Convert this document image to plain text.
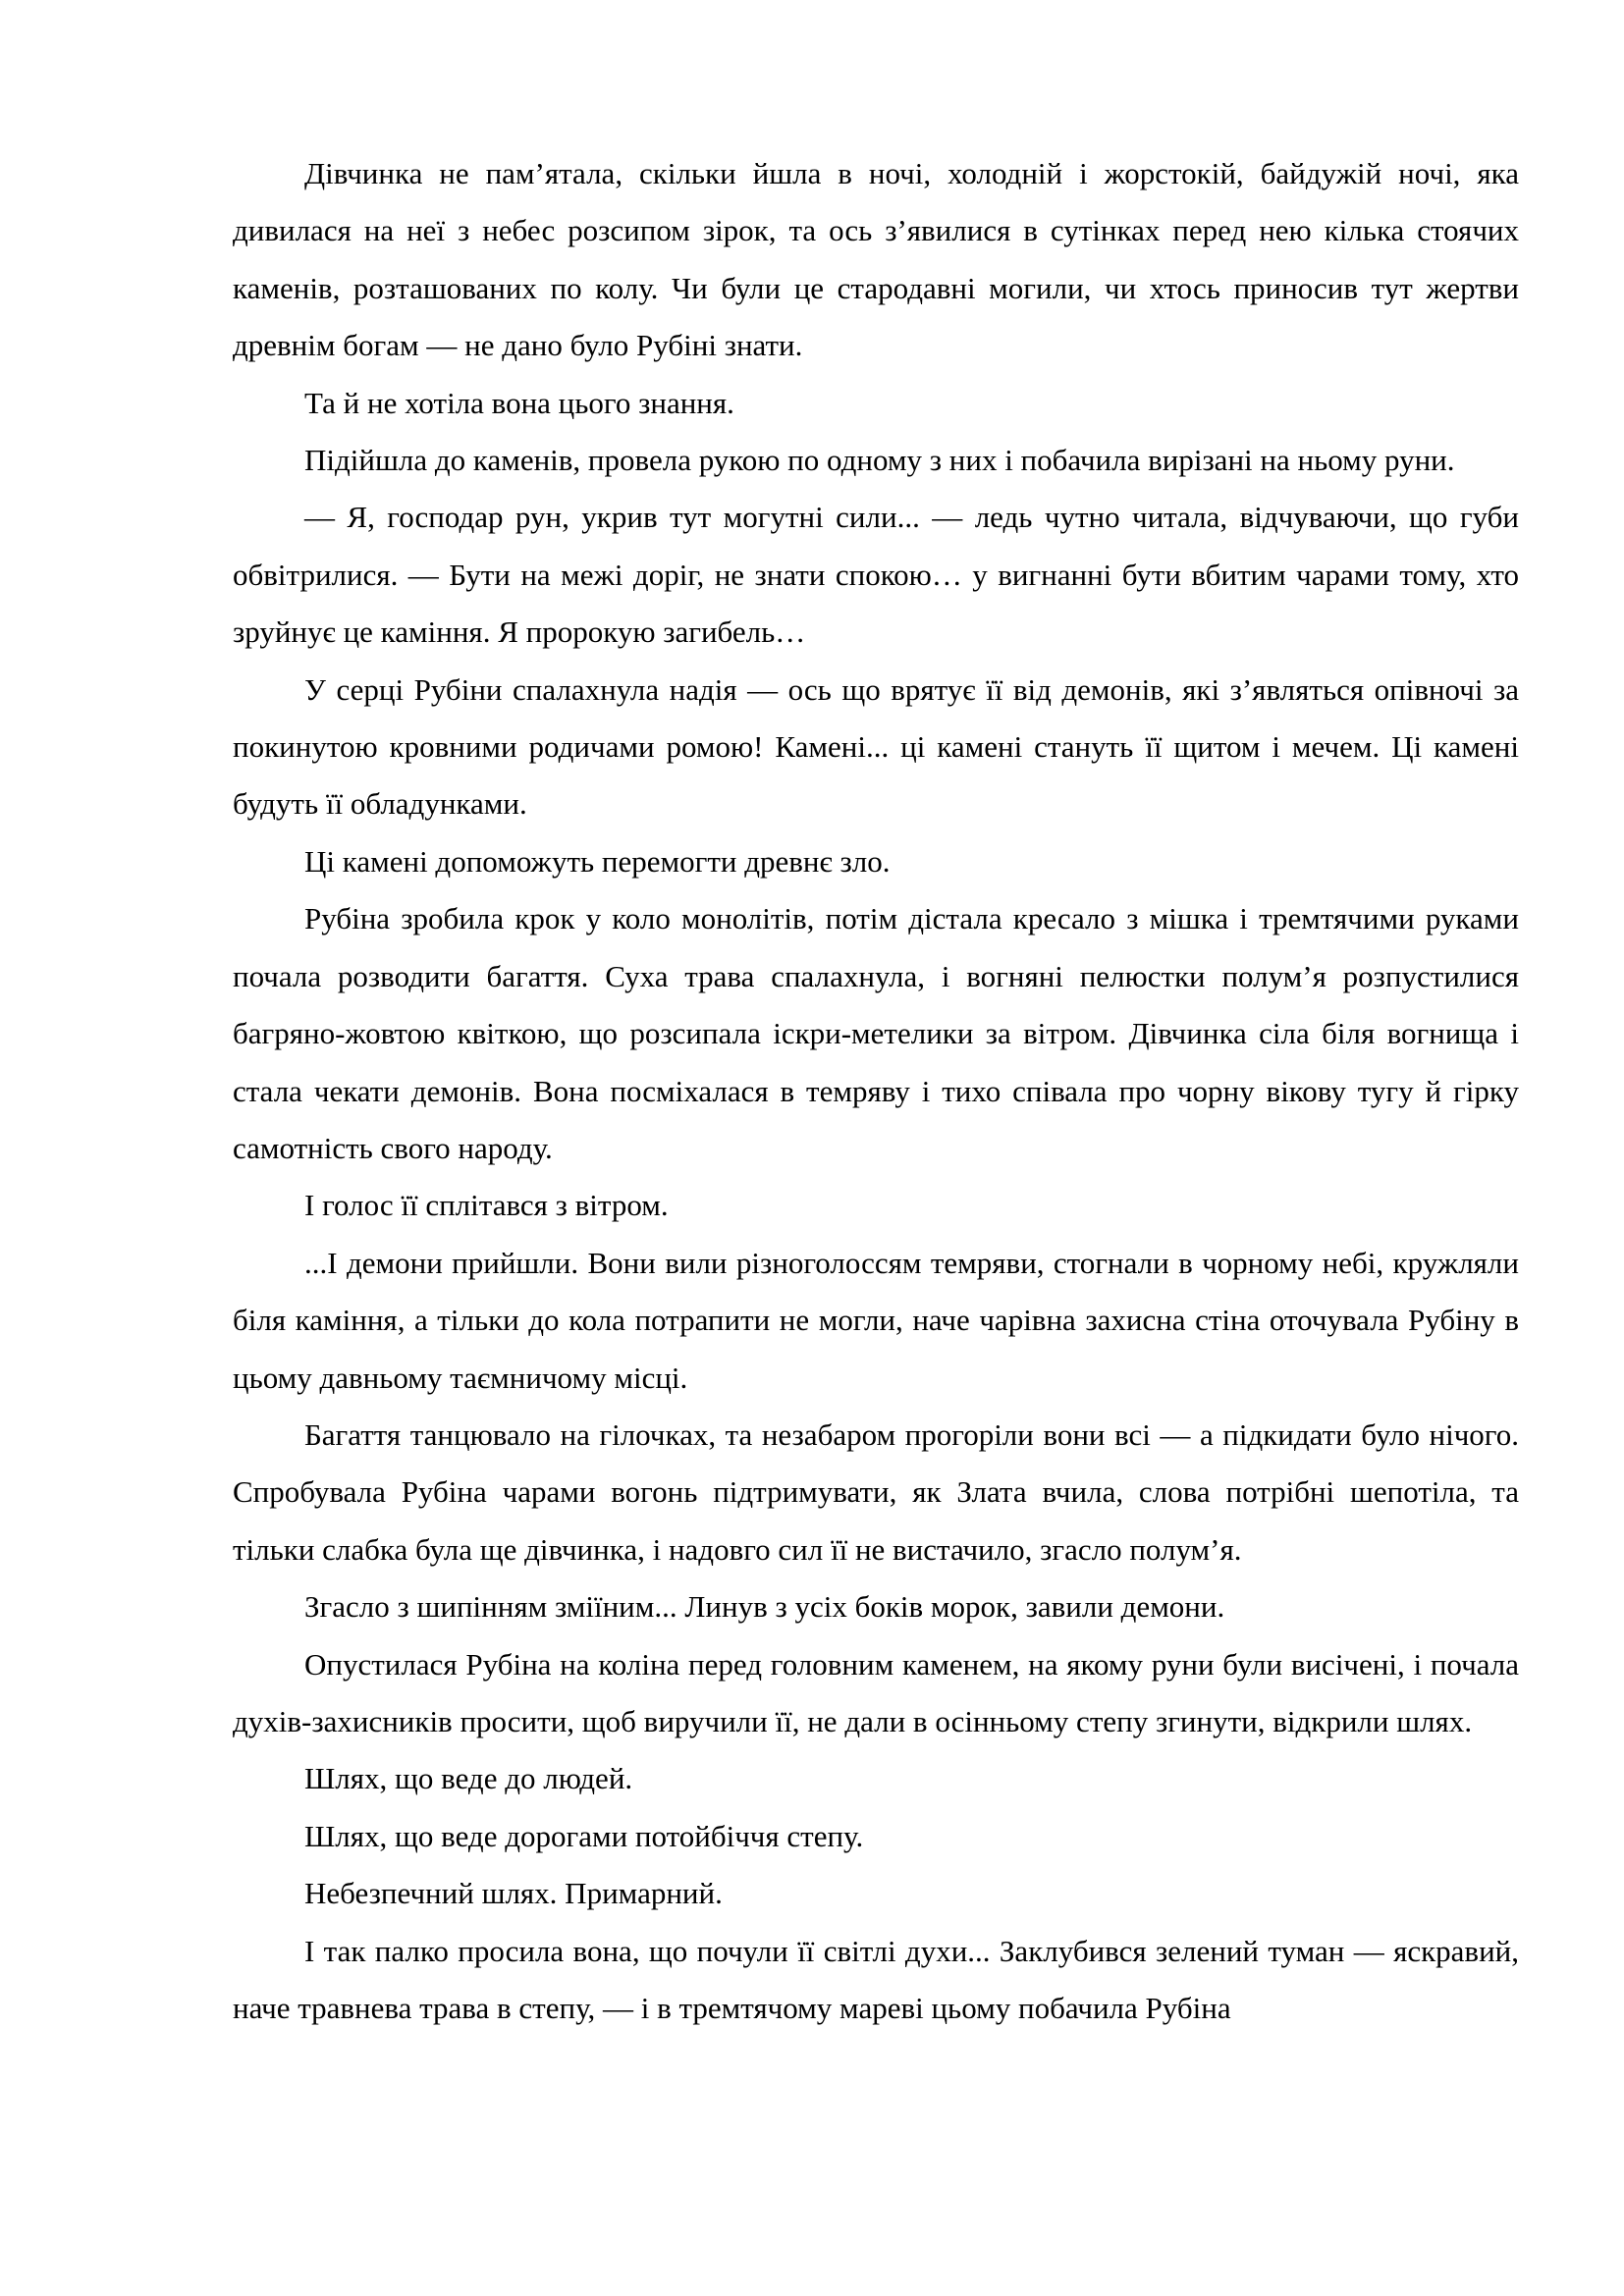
Дівчинка не пам’ятала, скільки йшла в ночі, холодній і жорстокій, байдужій ночі, яка дивилася на неї з небес розсипом зірок, та ось з’явилися в сутінках перед нею кілька стоячих каменів, розташованих по колу. Чи були це стародавні могили, чи хтось приносив тут жертви древнім богам — не дано було Рубіні знати.

Та й не хотіла вона цього знання.

Підійшла до каменів, провела рукою по одному з них і побачила вирізані на ньому руни.

— Я, господар рун, укрив тут могутні сили... — ледь чутно читала, відчуваючи, що губи обвітрилися. — Бути на межі доріг, не знати спокою… у вигнанні бути вбитим чарами тому, хто зруйнує це каміння. Я пророкую загибель…

У серці Рубіни спалахнула надія — ось що врятує її від демонів, які з’являться опівночі за покинутою кровними родичами ромою! Камені... ці камені стануть її щитом і мечем. Ці камені будуть її обладунками.

Ці камені допоможуть перемогти древнє зло.

Рубіна зробила крок у коло монолітів, потім дістала кресало з мішка і тремтячими руками почала розводити багаття. Суха трава спалахнула, і вогняні пелюстки полум’я розпустилися багряно-жовтою квіткою, що розсипала іскри-метелики за вітром. Дівчинка сіла біля вогнища і стала чекати демонів. Вона посміхалася в темряву і тихо співала про чорну вікову тугу й гірку самотність свого народу.

І голос її сплітався з вітром.

...І демони прийшли. Вони вили різноголоссям темряви, стогнали в чорному небі, кружляли біля каміння, а тільки до кола потрапити не могли, наче чарівна захисна стіна оточувала Рубіну в цьому давньому таємничому місці.

Багаття танцювало на гілочках, та незабаром прогоріли вони всі — а підкидати було нічого. Спробувала Рубіна чарами вогонь підтримувати, як Злата вчила, слова потрібні шепотіла, та тільки слабка була ще дівчинка, і надовго сил її не вистачило, згасло полум’я.

Згасло з шипінням зміїним... Линув з усіх боків морок, завили демони.

Опустилася Рубіна на коліна перед головним каменем, на якому руни були висічені, і почала духів-захисників просити, щоб виручили її, не дали в осінньому степу згинути, відкрили шлях.

Шлях, що веде до людей.

Шлях, що веде дорогами потойбіччя степу.

Небезпечний шлях. Примарний.

І так палко просила вона, що почули її світлі духи... Заклубився зелений туман — яскравий, наче травнева трава в степу, — і в тремтячому мареві цьому побачила Рубіна
